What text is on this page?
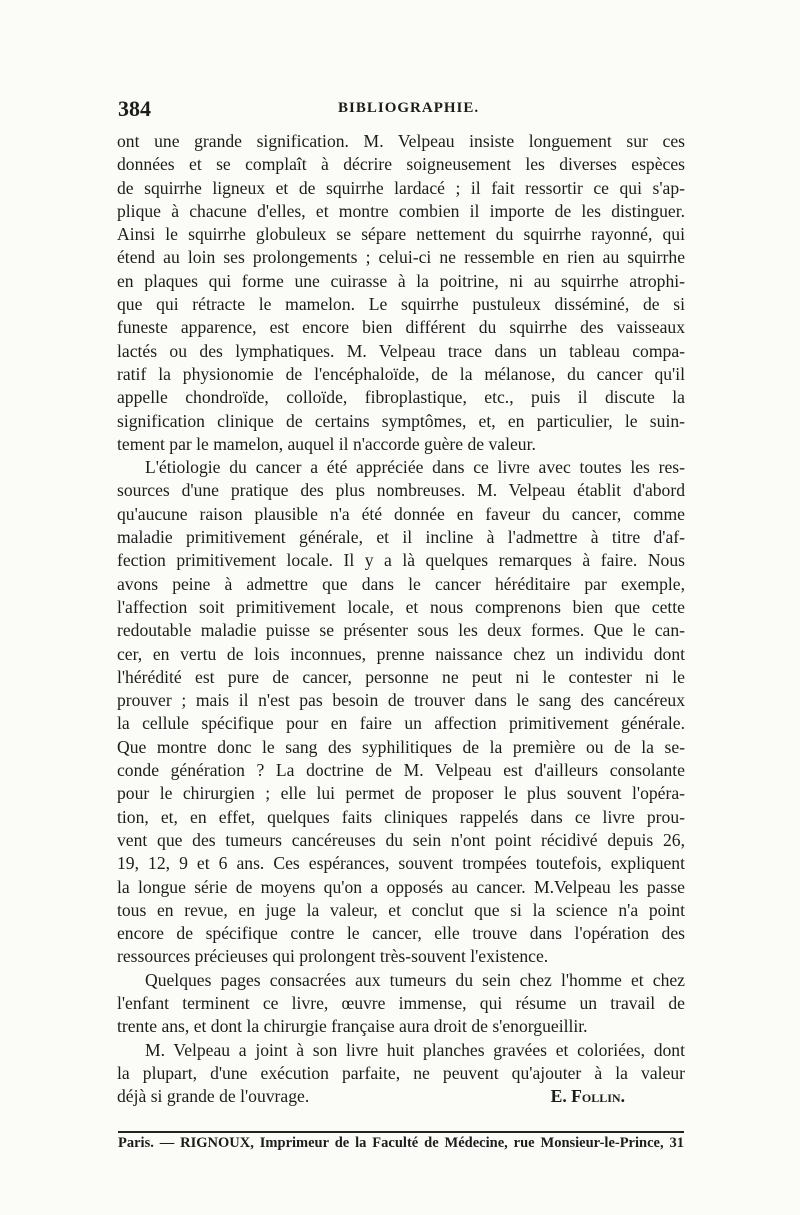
384	BIBLIOGRAPHIE.
ont une grande signification. M. Velpeau insiste longuement sur ces
données et se complaît à décrire soigneusement les diverses espèces
de squirrhe ligneux et de squirrhe lardacé ; il fait ressortir ce qui s'ap-
plique à chacune d'elles, et montre combien il importe de les distinguer.
Ainsi le squirrhe globuleux se sépare nettement du squirrhe rayonné, qui
étend au loin ses prolongements ; celui-ci ne ressemble en rien au squirrhe
en plaques qui forme une cuirasse à la poitrine, ni au squirrhe atrophi-
que qui rétracte le mamelon. Le squirrhe pustuleux disséminé, de si
funeste apparence, est encore bien différent du squirrhe des vaisseaux
lactés ou des lymphatiques. M. Velpeau trace dans un tableau compa-
ratif la physionomie de l'encéphaloïde, de la mélanose, du cancer qu'il
appelle chondroïde, colloïde, fibroplastique, etc., puis il discute la
signification clinique de certains symptômes, et, en particulier, le suin-
tement par le mamelon, auquel il n'accorde guère de valeur.
L'étiologie du cancer a été appréciée dans ce livre avec toutes les res-
sources d'une pratique des plus nombreuses. M. Velpeau établit d'abord
qu'aucune raison plausible n'a été donnée en faveur du cancer, comme
maladie primitivement générale, et il incline à l'admettre à titre d'af-
fection primitivement locale. Il y a là quelques remarques à faire. Nous
avons peine à admettre que dans le cancer héréditaire par exemple,
l'affection soit primitivement locale, et nous comprenons bien que cette
redoutable maladie puisse se présenter sous les deux formes. Que le can-
cer, en vertu de lois inconnues, prenne naissance chez un individu dont
l'hérédité est pure de cancer, personne ne peut ni le contester ni le
prouver ; mais il n'est pas besoin de trouver dans le sang des cancéreux
la cellule spécifique pour en faire un affection primitivement générale.
Que montre donc le sang des syphilitiques de la première ou de la se-
conde génération ? La doctrine de M. Velpeau est d'ailleurs consolante
pour le chirurgien ; elle lui permet de proposer le plus souvent l'opéra-
tion, et, en effet, quelques faits cliniques rappelés dans ce livre prou-
vent que des tumeurs cancéreuses du sein n'ont point récidivé depuis 26,
19, 12, 9 et 6 ans. Ces espérances, souvent trompées toutefois, expliquent
la longue série de moyens qu'on a opposés au cancer. M.Velpeau les passe
tous en revue, en juge la valeur, et conclut que si la science n'a point
encore de spécifique contre le cancer, elle trouve dans l'opération des
ressources précieuses qui prolongent très-souvent l'existence.
Quelques pages consacrées aux tumeurs du sein chez l'homme et chez
l'enfant terminent ce livre, œuvre immense, qui résume un travail de
trente ans, et dont la chirurgie française aura droit de s'enorgueillir.
M. Velpeau a joint à son livre huit planches gravées et coloriées, dont
la plupart, d'une exécution parfaite, ne peuvent qu'ajouter à la valeur
déjà si grande de l'ouvrage.	E. Follin.
Paris. — RIGNOUX, Imprimeur de la Faculté de Médecine, rue Monsieur-le-Prince, 31
